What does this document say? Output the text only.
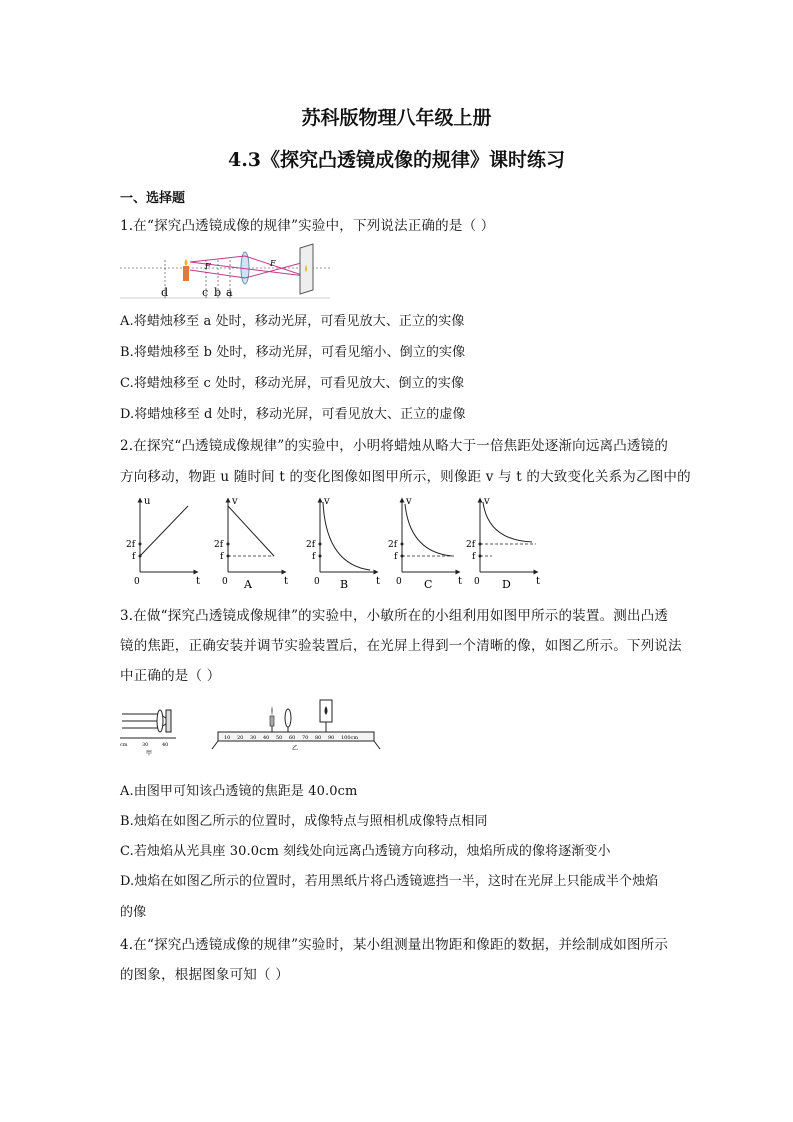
苏科版物理八年级上册
4.3《探究凸透镜成像的规律》课时练习
一、选择题
1.在“探究凸透镜成像的规律”实验中，下列说法正确的是（ ）
F	F
d	c b a
A.将蜡烛移至 a 处时，移动光屏，可看见放大、正立的实像
B.将蜡烛移至 b 处时，移动光屏，可看见缩小、倒立的实像
C.将蜡烛移至 c 处时，移动光屏，可看见放大、倒立的实像
D.将蜡烛移至 d 处时，移动光屏，可看见放大、正立的虚像
2.在探究“凸透镜成像规律”的实验中，小明将蜡烛从略大于一倍焦距处逐渐向远离凸透镜的
方向移动，物距 u 随时间 t 的变化图像如图甲所示，则像距 v 与 t 的大致变化关系为乙图中的
u
t
0
2f
f
v
t
0
2f
f
A
v
t
0
2f
f
B
v
t
0
2f
f
C
v
t
0
2f
f
D
3.在做“探究凸透镜成像规律”的实验中，小敏所在的小组利用如图甲所示的装置。测出凸透
镜的焦距，正确安装并调节实验装置后，在光屏上得到一个清晰的像，如图乙所示。下列说法
中正确的是（ ）
cm	30	40
甲
10 20 30 40 50 60 70 80 90 100cm
乙
A.由图甲可知该凸透镜的焦距是 40.0cm
B.烛焰在如图乙所示的位置时，成像特点与照相机成像特点相同
C.若烛焰从光具座 30.0cm 刻线处向远离凸透镜方向移动，烛焰所成的像将逐渐变小
D.烛焰在如图乙所示的位置时，若用黑纸片将凸透镜遮挡一半，这时在光屏上只能成半个烛焰
的像
4.在“探究凸透镜成像的规律”实验时，某小组测量出物距和像距的数据，并绘制成如图所示
的图象，根据图象可知（ ）
